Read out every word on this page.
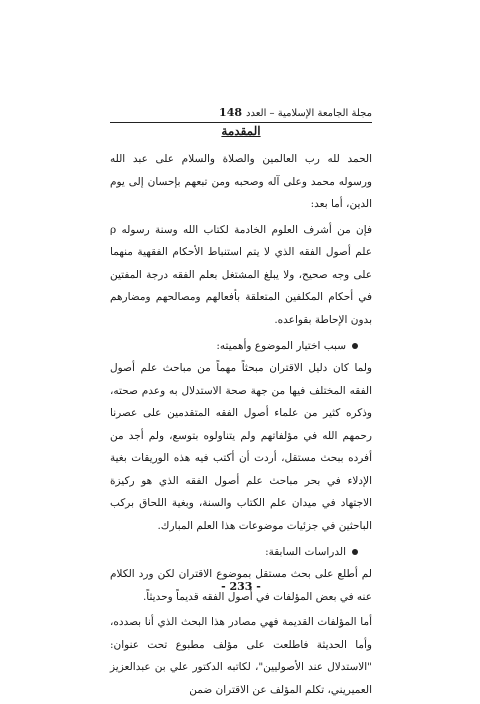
مجلة الجامعة الإسلامية – العدد
148
المقدمة

الحمد لله رب العالمين والصلاة والسلام على عبد الله ورسوله محمد وعلى آله وصحبه ومن تبعهم بإحسان إلى يوم الدين، أما بعد:

فإن من أشرف العلوم الخادمة لكتاب الله وسنة رسوله ρ علم أصول الفقه الذي لا يتم استنباط الأحكام الفقهية منهما على وجه صحيح، ولا يبلغ المشتغل بعلم الفقه درجة المفتين في أحكام المكلفين المتعلقة بأفعالهم ومصالحهم ومضارهم بدون الإحاطة بقواعده.

سبب اختيار الموضوع وأهميته:

ولما كان دليل الاقتران مبحثاً مهماً من مباحث علم أصول الفقه المختلف فيها من جهة صحة الاستدلال به وعدم صحته، وذكره كثير من علماء أصول الفقه المتقدمين على عصرنا رحمهم الله في مؤلفاتهم ولم يتناولوه بتوسع، ولم أجد من أفرده ببحث مستقل، أردت أن أكتب فيه هذه الوريقات بغية الإدلاء في بحر مباحث علم أصول الفقه الذي هو ركيزة الاجتهاد في ميدان علم الكتاب والسنة، وبغية اللحاق بركب الباحثين في جزئيات موضوعات هذا العلم المبارك.

الدراسات السابقة:

لم أطلع على بحث مستقل بموضوع الاقتران لكن ورد الكلام عنه في بعض المؤلفات في أصول الفقه قديماً وحديثاً.

أما المؤلفات القديمة فهي مصادر هذا البحث الذي أنا بصدده، وأما الحديثة فاطلعت على مؤلف مطبوع تحت عنوان: "الاستدلال عند الأصوليين"، لكاتبه الدكتور علي بن عبدالعزيز العميريني، تكلم المؤلف عن الاقتران ضمن

- 233 -
